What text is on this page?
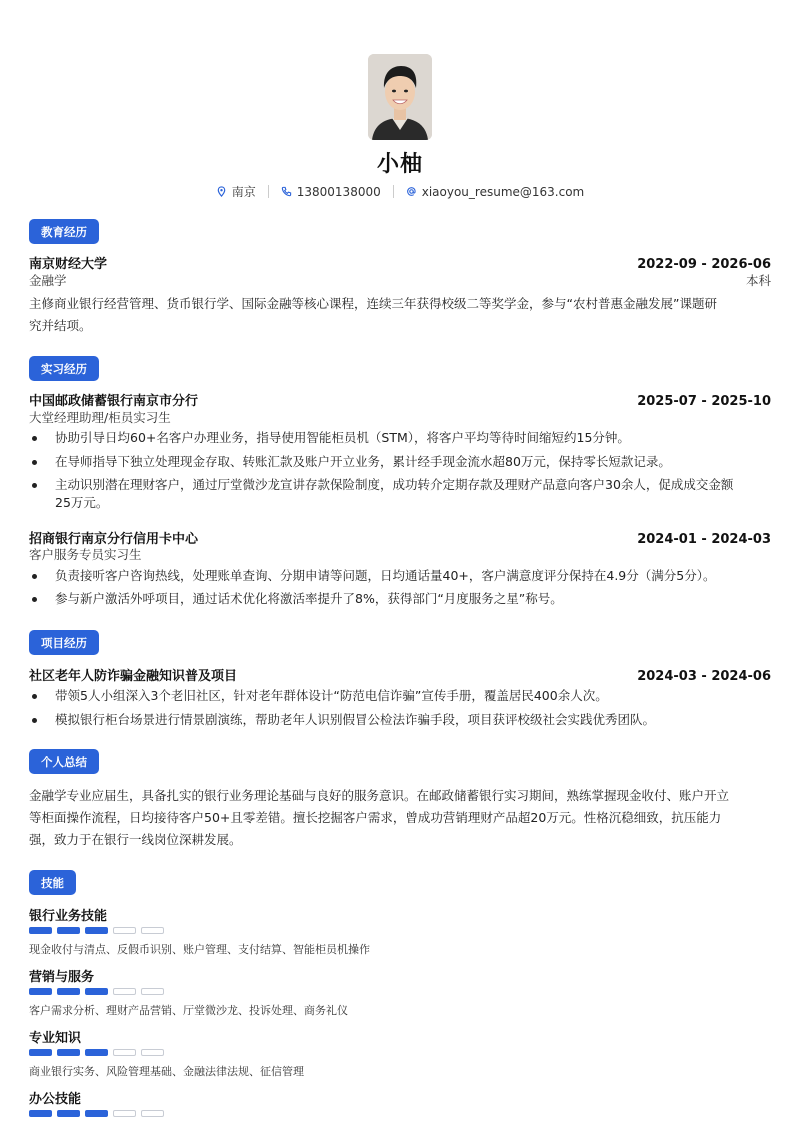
小柚
南京	13800138000	xiaoyou_resume@163.com
教育经历
南京财经大学	2022-09 - 2026-06
金融学	本科
主修商业银行经营管理、货币银行学、国际金融等核心课程，连续三年获得校级二等奖学金，参与“农村普惠金融发展”课题研
究并结项。
实习经历
中国邮政储蓄银行南京市分行	2025-07 - 2025-10
大堂经理助理/柜员实习生
协助引导日均60+名客户办理业务，指导使用智能柜员机（STM），将客户平均等待时间缩短约15分钟。
在导师指导下独立处理现金存取、转账汇款及账户开立业务，累计经手现金流水超80万元，保持零长短款记录。
主动识别潜在理财客户，通过厅堂微沙龙宣讲存款保险制度，成功转介定期存款及理财产品意向客户30余人，促成成交金额
25万元。
招商银行南京分行信用卡中心	2024-01 - 2024-03
客户服务专员实习生
负责接听客户咨询热线，处理账单查询、分期申请等问题，日均通话量40+，客户满意度评分保持在4.9分（满分5分）。
参与新户激活外呼项目，通过话术优化将激活率提升了8%，获得部门“月度服务之星”称号。
项目经历
社区老年人防诈骗金融知识普及项目	2024-03 - 2024-06
带领5人小组深入3个老旧社区，针对老年群体设计“防范电信诈骗”宣传手册，覆盖居民400余人次。
模拟银行柜台场景进行情景剧演练，帮助老年人识别假冒公检法诈骗手段，项目获评校级社会实践优秀团队。
个人总结
金融学专业应届生，具备扎实的银行业务理论基础与良好的服务意识。在邮政储蓄银行实习期间，熟练掌握现金收付、账户开立
等柜面操作流程，日均接待客户50+且零差错。擅长挖掘客户需求，曾成功营销理财产品超20万元。性格沉稳细致，抗压能力
强，致力于在银行一线岗位深耕发展。
技能
银行业务技能
现金收付与清点、反假币识别、账户管理、支付结算、智能柜员机操作
营销与服务
客户需求分析、理财产品营销、厅堂微沙龙、投诉处理、商务礼仪
专业知识
商业银行实务、风险管理基础、金融法律法规、征信管理
办公技能
